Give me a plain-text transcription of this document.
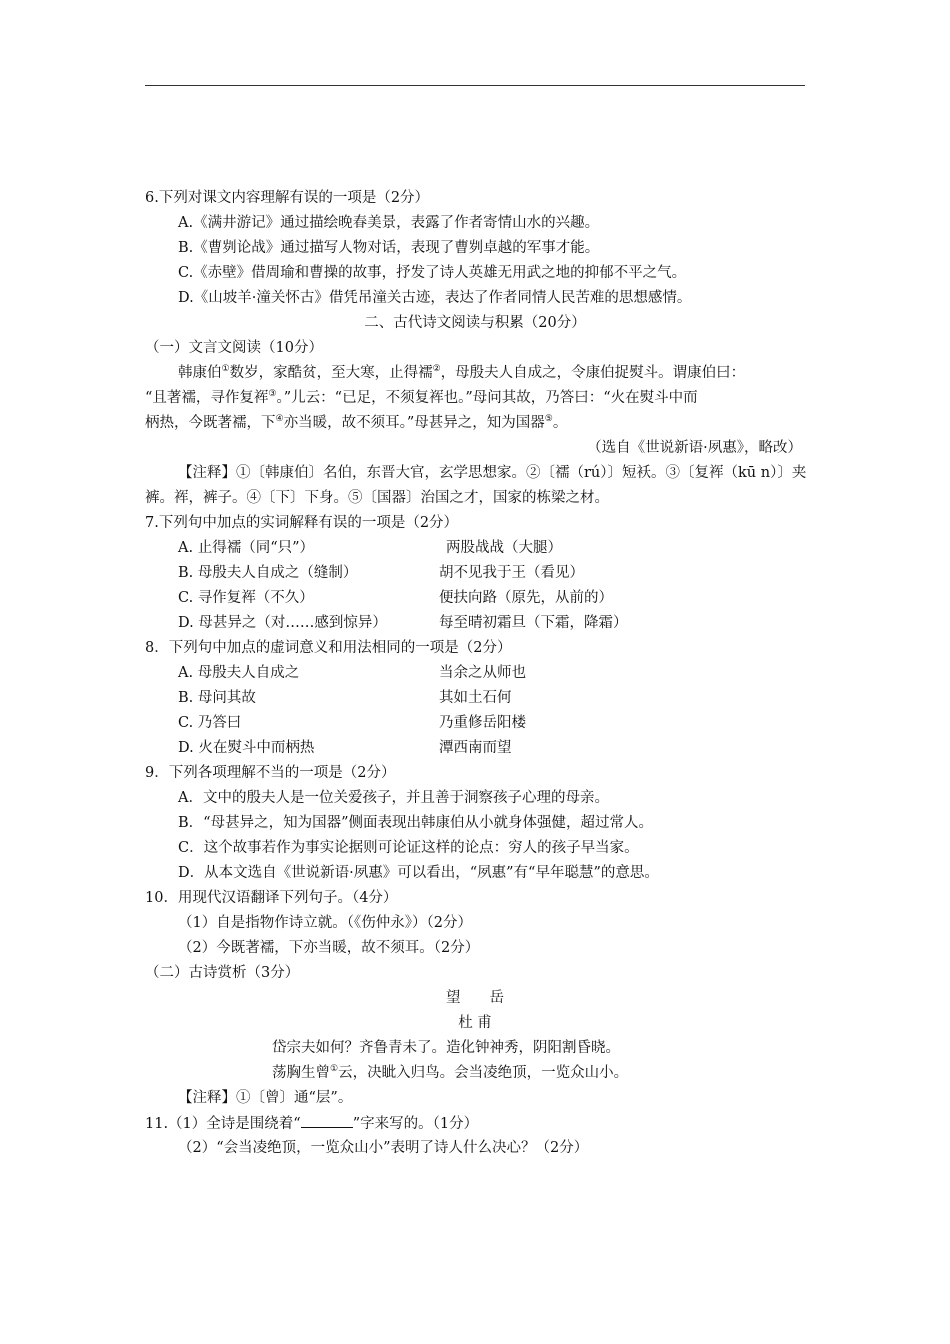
6.下列对课文内容理解有误的一项是（2分）
A.《满井游记》通过描绘晚春美景，表露了作者寄情山水的兴趣。
B.《曹刿论战》通过描写人物对话，表现了曹刿卓越的军事才能。
C.《赤壁》借周瑜和曹操的故事，抒发了诗人英雄无用武之地的抑郁不平之气。
D.《山坡羊·潼关怀古》借凭吊潼关古迹，表达了作者同情人民苦难的思想感情。
二、古代诗文阅读与积累（20分）
（一）文言文阅读（10分）
韩康伯①数岁，家酷贫，至大寒，止得襦②，母殷夫人自成之，令康伯捉熨斗。谓康伯曰：
“且著襦，寻作复裈③。”儿云：“已足，不须复裈也。”母问其故，乃答曰：“火在熨斗中而
柄热，今既著襦，下④亦当暖，故不须耳。”母甚异之，知为国器⑤。
（选自《世说新语·夙惠》，略改）
【注释】①〔韩康伯〕名伯，东晋大官，玄学思想家。②〔襦（rú）〕短袄。③〔复裈（kū n）〕夹
裤。裈，裤子。④〔下〕下身。⑤〔国器〕治国之才，国家的栋梁之材。
7.下列句中加点的实词解释有误的一项是（2分）
A. 止得襦（同“只”）	两股战战（大腿）
B. 母殷夫人自成之（缝制）	胡不见我于王（看见）
C. 寻作复裈（不久）	便扶向路（原先，从前的）
D. 母甚异之（对……感到惊异）	每至晴初霜旦（下霜，降霜）
8．下列句中加点的虚词意义和用法相同的一项是（2分）
A. 母殷夫人自成之	当余之从师也
B. 母问其故	其如土石何
C. 乃答曰	乃重修岳阳楼
D. 火在熨斗中而柄热	潭西南而望
9．下列各项理解不当的一项是（2分）
A．文中的殷夫人是一位关爱孩子，并且善于洞察孩子心理的母亲。
B．“母甚异之，知为国器”侧面表现出韩康伯从小就身体强健，超过常人。
C．这个故事若作为事实论据则可论证这样的论点：穷人的孩子早当家。
D．从本文选自《世说新语·夙惠》可以看出，“夙惠”有“早年聪慧”的意思。
10．用现代汉语翻译下列句子。（4分）
（1）自是指物作诗立就。（《伤仲永》）（2分）
（2）今既著襦，下亦当暖，故不须耳。（2分）
（二）古诗赏析（3分）
望　　岳
杜 甫
岱宗夫如何？齐鲁青未了。造化钟神秀，阴阳割昏晓。
荡胸生曾①云，决眦入归鸟。会当凌绝顶，一览众山小。
【注释】①〔曾〕通“层”。
11.（1）全诗是围绕着“	”字来写的。（1分）
（2）“会当凌绝顶，一览众山小”表明了诗人什么决心？（2分）
